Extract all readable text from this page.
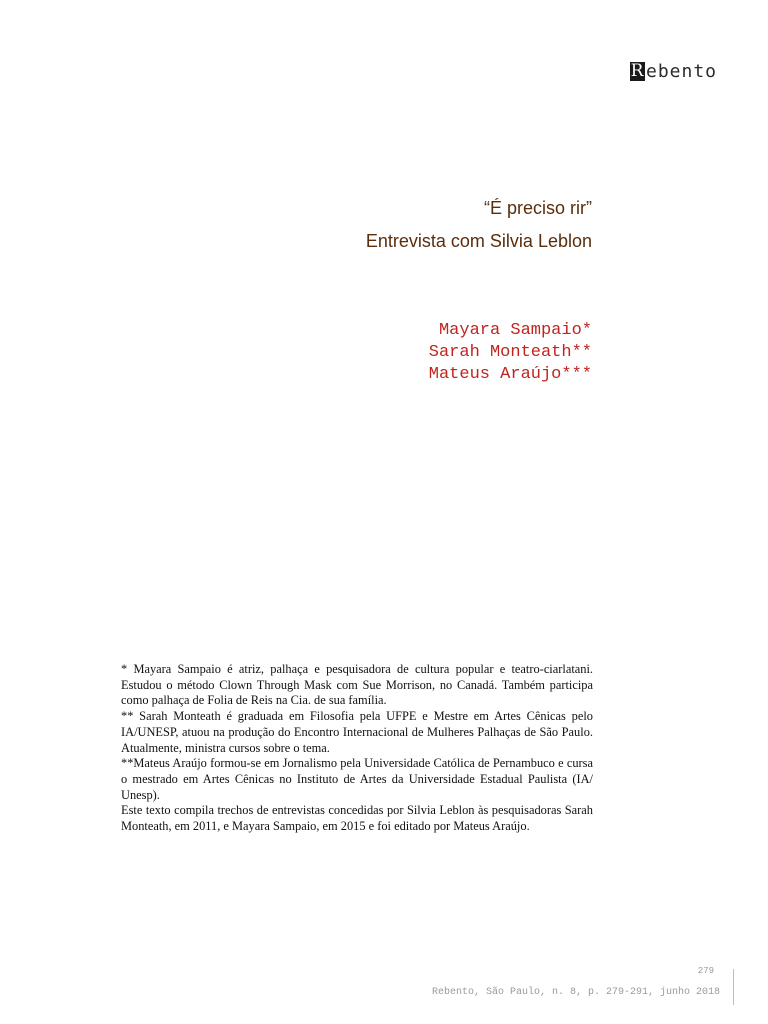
R ebento
“É preciso rir”
Entrevista com Silvia Leblon
Mayara Sampaio*
Sarah Monteath**
Mateus Araújo***

* Mayara Sampaio é atriz, palhaça e pesquisadora de cultura popular e teatro-ciarlatani. Estudou o método Clown Through Mask com Sue Morrison, no Canadá. Também participa como palhaça de Folia de Reis na Cia. de sua família.

** Sarah Monteath é graduada em Filosofia pela UFPE e Mestre em Artes Cênicas pelo IA/UNESP, atuou na produção do Encontro Internacional de Mulheres Palhaças de São Paulo. Atualmente, ministra cursos sobre o tema.

**Mateus Araújo formou-se em Jornalismo pela Universidade Católica de Pernambuco e cursa o mestrado em Artes Cênicas no Instituto de Artes da Universidade Estadual Paulista (IA/ Unesp).

Este texto compila trechos de entrevistas concedidas por Silvia Leblon às pesquisadoras Sarah Monteath, em 2011, e Mayara Sampaio, em 2015 e foi editado por Mateus Araújo.

279
Rebento, São Paulo, n. 8, p. 279-291, junho 2018
